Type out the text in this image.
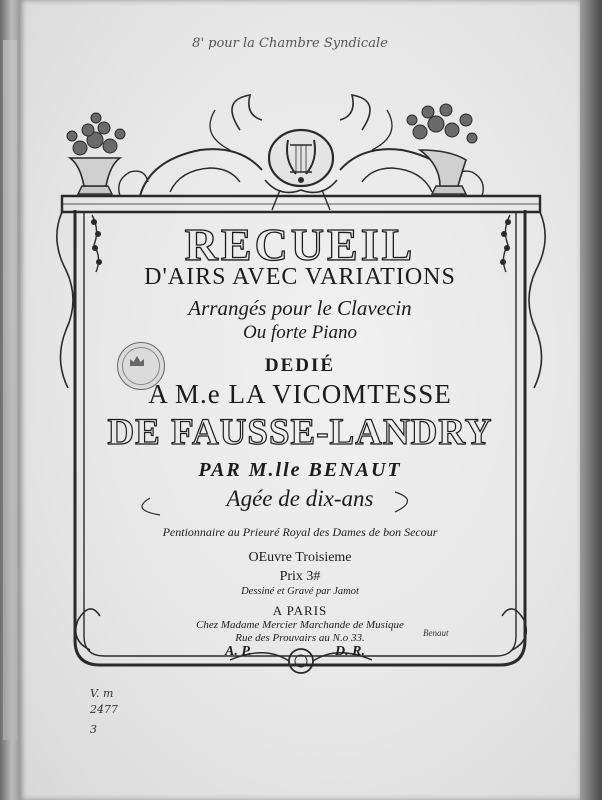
8' pour la Chambre Syndicale
RECUEIL
D'AIRS AVEC VARIATIONS
Arrangés pour le Clavecin
Ou forte Piano
DEDIÉ
A M.e LA VICOMTESSE
DE FAUSSE-LANDRY
PAR M.lle BENAUT
Agée de dix-ans
Pentionnaire au Prieuré Royal des Dames de bon Secour
OEuvre Troisieme
Prix 3#
Dessiné et Gravé par Jamot
A PARIS
Chez Madame Mercier Marchande de Musique
Rue des Prouvairs au N.o 33.
A. P.	D. R.
Benaut
V. m
2477
3
